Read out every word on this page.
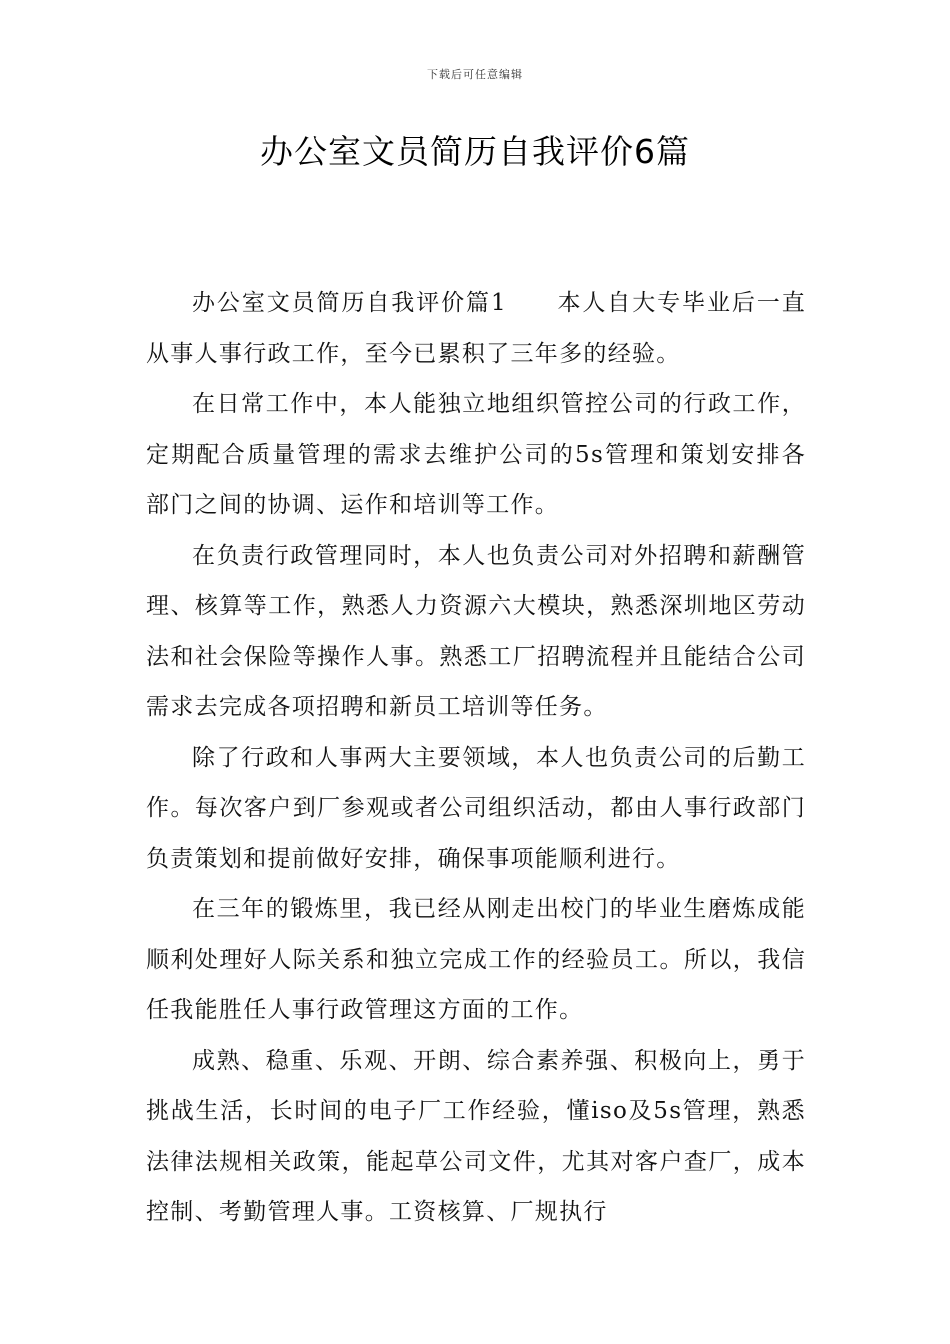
下载后可任意编辑
办公室文员简历自我评价6篇

办公室文员简历自我评价篇1 本人自大专毕业后一直从事人事行政工作，至今已累积了三年多的经验。

在日常工作中，本人能独立地组织管控公司的行政工作，定期配合质量管理的需求去维护公司的5s管理和策划安排各部门之间的协调、运作和培训等工作。

在负责行政管理同时，本人也负责公司对外招聘和薪酬管理、核算等工作，熟悉人力资源六大模块，熟悉深圳地区劳动法和社会保险等操作人事。熟悉工厂招聘流程并且能结合公司需求去完成各项招聘和新员工培训等任务。

除了行政和人事两大主要领域，本人也负责公司的后勤工作。每次客户到厂参观或者公司组织活动，都由人事行政部门负责策划和提前做好安排，确保事项能顺利进行。

在三年的锻炼里，我已经从刚走出校门的毕业生磨炼成能顺利处理好人际关系和独立完成工作的经验员工。所以，我信任我能胜任人事行政管理这方面的工作。

成熟、稳重、乐观、开朗、综合素养强、积极向上，勇于挑战生活，长时间的电子厂工作经验，懂iso及5s管理，熟悉法律法规相关政策，能起草公司文件，尤其对客户查厂，成本控制、考勤管理人事。工资核算、厂规执行
